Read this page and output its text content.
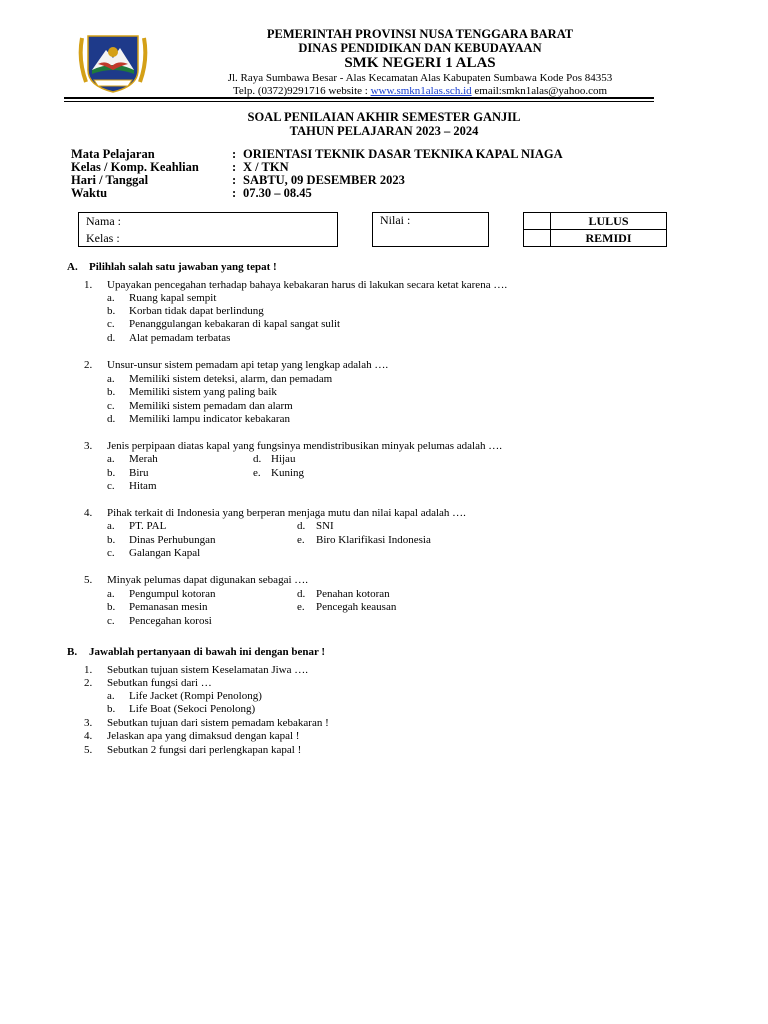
PEMERINTAH PROVINSI NUSA TENGGARA BARAT
DINAS PENDIDIKAN DAN KEBUDAYAAN
SMK NEGERI 1 ALAS
Jl. Raya Sumbawa Besar - Alas Kecamatan Alas Kabupaten Sumbawa Kode Pos 84353
Telp. (0372)9291716 website : www.smkn1alas.sch.id email:smkn1alas@yahoo.com
SOAL PENILAIAN AKHIR SEMESTER GANJIL
TAHUN PELAJARAN 2023 – 2024
Mata Pelajaran	: ORIENTASI TEKNIK DASAR TEKNIKA KAPAL NIAGA
Kelas / Komp. Keahlian	: X / TKN
Hari / Tanggal	: SABTU, 09 DESEMBER 2023
Waktu	: 07.30 – 08.45
Nama :
Kelas :
Nilai :	LULUS
REMIDI
A. Pilihlah salah satu jawaban yang tepat !
1. Upayakan pencegahan terhadap bahaya kebakaran harus di lakukan secara ketat karena ….
a. Ruang kapal sempit
b. Korban tidak dapat berlindung
c. Penanggulangan kebakaran di kapal sangat sulit
d. Alat pemadam terbatas
2. Unsur-unsur sistem pemadam api tetap yang lengkap adalah ….
a. Memiliki sistem deteksi, alarm, dan pemadam
b. Memiliki sistem yang paling baik
c. Memiliki sistem pemadam dan alarm
d. Memiliki lampu indicator kebakaran
3. Jenis perpipaan diatas kapal yang fungsinya mendistribusikan minyak pelumas adalah ….
a. Merah
b. Biru
c. Hitam
d. Hijau
e. Kuning
4. Pihak terkait di Indonesia yang berperan menjaga mutu dan nilai kapal adalah ….
a. PT. PAL
b. Dinas Perhubungan
c. Galangan Kapal
d. SNI
e. Biro Klarifikasi Indonesia
5. Minyak pelumas dapat digunakan sebagai ….
a. Pengumpul kotoran
b. Pemanasan mesin
c. Pencegahan korosi
d. Penahan kotoran
e. Pencegah keausan
B. Jawablah pertanyaan di bawah ini dengan benar !
1. Sebutkan tujuan sistem Keselamatan Jiwa ….
2. Sebutkan fungsi dari …
a. Life Jacket (Rompi Penolong)
b. Life Boat (Sekoci Penolong)
3. Sebutkan tujuan dari sistem pemadam kebakaran !
4. Jelaskan apa yang dimaksud dengan kapal !
5. Sebutkan 2 fungsi dari perlengkapan kapal !
